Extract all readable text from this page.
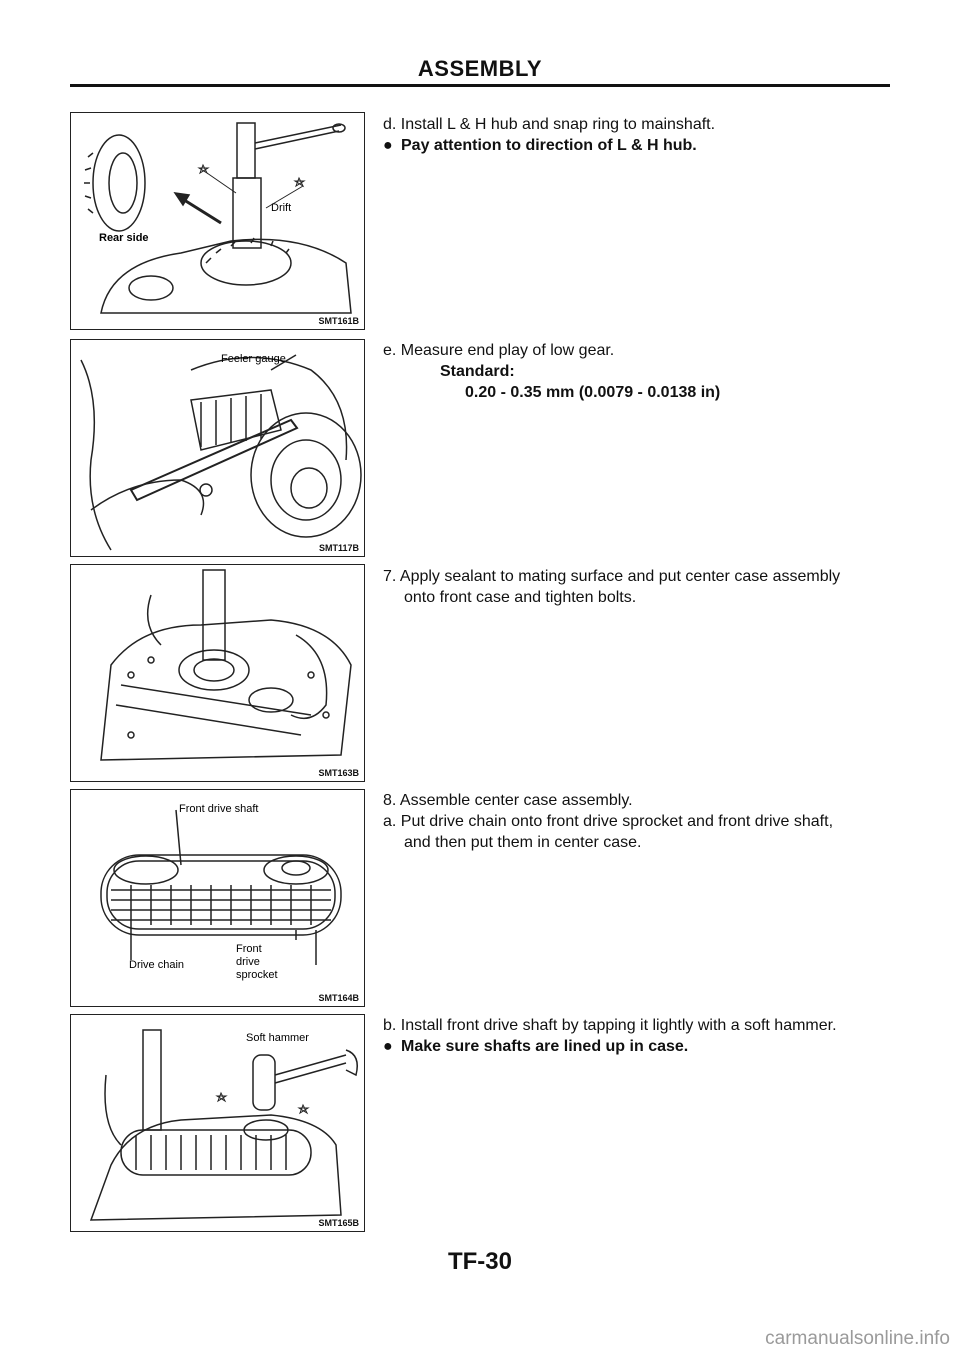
ASSEMBLY
Drift
Rear side
SMT161B

d. Install L & H hub and snap ring to mainshaft.

● Pay attention to direction of L & H hub.

Feeler gauge
SMT117B

e. Measure end play of low gear.

Standard:

0.20 - 0.35 mm (0.0079 - 0.0138 in)

SMT163B

7. Apply sealant to mating surface and put center case assembly

onto front case and tighten bolts.

Front drive shaft
Drive chain
Front
drive
sprocket
SMT164B

8. Assemble center case assembly.

a. Put drive chain onto front drive sprocket and front drive shaft,

and then put them in center case.

Soft hammer
SMT165B

b. Install front drive shaft by tapping it lightly with a soft hammer.

● Make sure shafts are lined up in case.

TF-30
carmanualsonline.info
